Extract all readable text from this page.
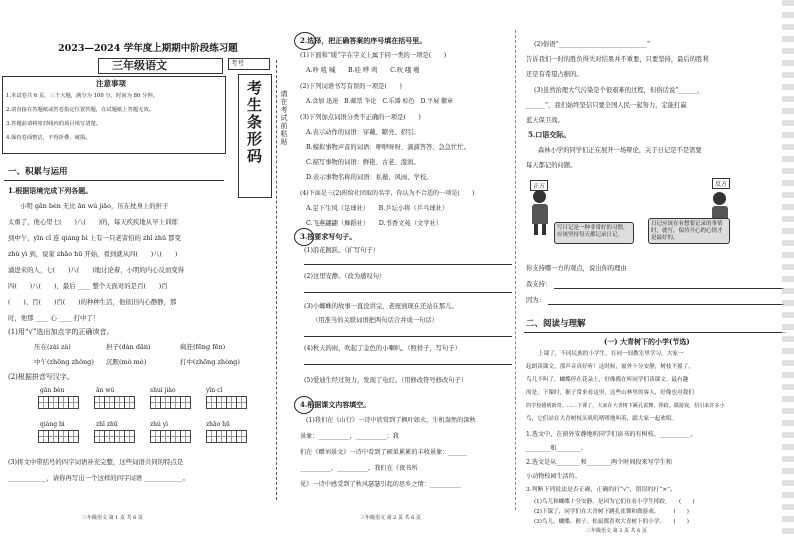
2023—2024 学年度上期期中阶段练习题
三年级语文	考号
注意事项
1.本试卷共 6 页，三个大题，满分为 100 分，时间为 80 分钟。
2.请直接在答题纸或答卷指定位置答题，在试题纸上答题无效。
3.答题前请将密封线内的项目填写清楚。
4.保持卷面整洁，不得折叠、破损。	考生条形码
一、积累与运用
1.根据语境完成下列各题。
小明 gān bèn 无比 ān wú jiāo，压在枕身上的担子
太重了，他心里七(　　)八(　　)的，每天疾疾地从早上训练
到中午，yīn cǐ 连 qiáng bì 上有一只老害怕的 zhī zhū 都变
zhǔ yì 到，说家 zhāo hū 开始，看到就从四(　　)八(　　)
涌进来的人，七(　　)八(　　)地讨论着，小明的内心反而变得
四(　　)八(　　)，最后 ____ 整个天面对的是百(　　)百
(　　)、百(　　)百(　　)的种种生活，他依旧内心静静，那
时，他那 ____ 心 ____ 打中了！
(1)用“√”选出加点字的正确读音。
压在(zài zà)	担子(dàn dān)	疯狂(fēng fēn)
中午(zhōng zhǒng) 沉默(mò mè)	打中(zhōng zhòng)
(2)根据拼音写汉字。
gān bèn	ān wú	shuì jiào	yīn cǐ
qiáng bì	zhī zhū	zhǔ yì	zhāo hū
(3)将文中带括号的四字词语补充完整，这些词语共同的特点是
____________，请你再写出一个这样的四字词语 ____________。
三年级语文 第 1 页 共 6 页
请在考试前粘贴
2.选择，把正确答案的序号填在括号里。
(1)下面和“暖”字在字义上属于同一类的一项是(　　)
A.吵 吼 喊　　B.哇 哗 鸣　　C.吹 哦 啪
(2)下列词语书写有误的一项是(　　)
A.食加 迅速　B.邮票 争论　C.乐器 棕色　D.平展 徽章
(3)下列加点词语分类不正确的一项是(　　)
A.表示动作的词语：穿戴、瞭亮、招引。
B.模拟事物声音的词语：咿咿呀呀、滴滴答答、急急忙忙。
C.描写事物的词语：鲜艳、古老、湿润。
D.表示事物名称的词语：私塾、风雨、学校。
(4)下面是三(2)班给社团取的名字，你认为不合适的一项是(　　)
A.足下生风（足球社）　　B.乒坛小将（乒乓球社）
C.飞燕翩翩（舞蹈社）　　D.书香文苑（文学社）
3.按要求写句子。
(1)浪花跳跃。（扩写句子）
(2)这里安静。（改为感叹句）
(3)小蜘蛛的故事一直没讲完，老屋到现在还站在那儿。
（用准当的关联词语把两句话合并成一句话）
(4)秋天的雨，吹起了金色的小喇叭。（照样子，写句子）
(5)爱迪生经过努力，发现了电灯。（用修改符号修改句子）
4.根据课文内容填空。
(1)我们在《山行》一诗中欣赏到了枫叶如火，生机盎然的深秋
景象：__________，__________；我
们在《赠刘景文》一诗中看到了硕果累累的丰收景象：______
__________，__________。我们在《夜书所
见》一诗中感受到了秋风瑟瑟引起的思乡之情：__________
三年级语文 第 2 页 共 6 页
(2)俗语“____________________________”
告诉我们一时的胜负得失对结果并不重要，只要坚持，最后的胜利
还是有希望占据的。
(3)虽然治理大气污染是个很艰难的过程，但俗话说“______，
______”，我们始终坚信只要全国人民一起努力，定能打赢
蓝天保卫战。
5.口语交际。
森林小学的同学们正在展开一场辩论，关于日记是不是需要
每天都记的问题。
正方
写日记是一种非常好的习惯，应该坚持每天都记录日记。
反方
日记应该在有想要记录的事情时，就写，保持开心的心情才是最好的。
你支持哪一方的观点，说出你的理由
我支持：
因为：
二、阅读与理解
(一) 大青树下的小学(节选)
上课了，不同民族的小学生，在同一间教室里学习。大家一
起朗读课文，那声音真好听！这时候，窗外十分安静，树枝不摇了，
鸟儿不叫了，蝴蝶停在花朵上，好像都在听同学们读课文。最有趣
的是，下课时，猴子常来看这里，这些山林里的客人，好像也对我们
的学校感到新奇。……下课了，大家在大青树下跳孔雀舞，摔跤，做游戏，招引来许多小
鸟，它们站在大青树枝头叽叽喳喳地叫着，跟大家一起欢唱。
1.选文中，在窗外安静地听同学们读书的有树枝、__________、
________和________。
2.选文是从________和________两个时间段来写学生和
小动物校园生活的。
3.判断下列说法是否正确，正确的打“√”，错误的打“×”。
(1)鸟儿和蝴蝶十分安静，是因为它们在看小学生摔跤。　　(　　)
(2)下课了，同学们在大青树下跳孔雀舞和做游戏。　　　(　　)
(3)鸟儿、蝴蝶、猴子、松鼠都喜欢大青树下的小学。　　(　　)
三年级语文 第 3 页 共 6 页
